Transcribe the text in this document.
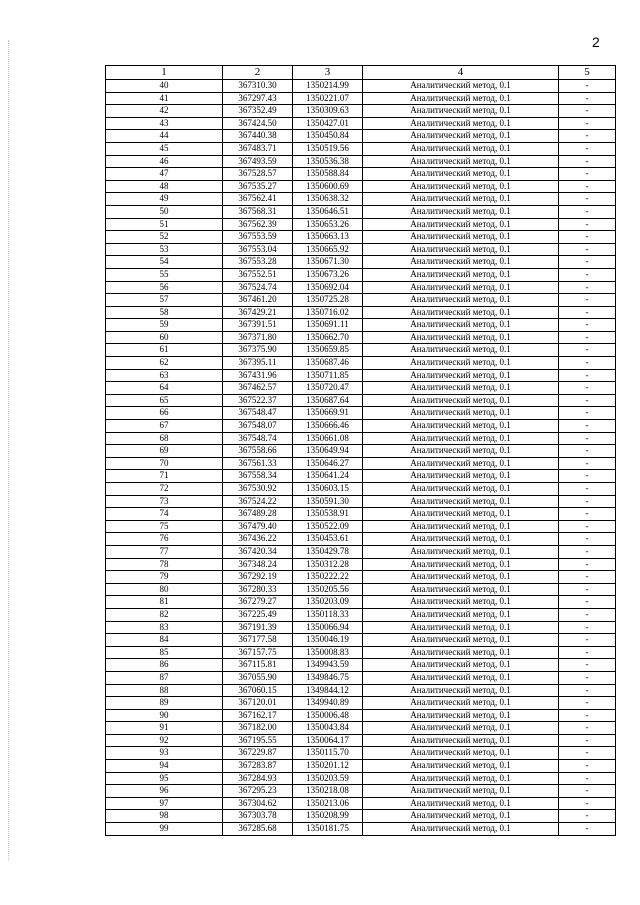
2
1	2	3	4	5
40	367310.30	1350214.99	Аналитический метод, 0.1	-
41	367297.43	1350221.07	Аналитический метод, 0.1	-
42	367352.49	1350309.63	Аналитический метод, 0.1	-
43	367424.50	1350427.01	Аналитический метод, 0.1	-
44	367440.38	1350450.84	Аналитический метод, 0.1	-
45	367483.71	1350519.56	Аналитический метод, 0.1	-
46	367493.59	1350536.38	Аналитический метод, 0.1	-
47	367528.57	1350588.84	Аналитический метод, 0.1	-
48	367535.27	1350600.69	Аналитический метод, 0.1	-
49	367562.41	1350638.32	Аналитический метод, 0.1	-
50	367568.31	1350646.51	Аналитический метод, 0.1	-
51	367562.39	1350653.26	Аналитический метод, 0.1	-
52	367553.59	1350663.13	Аналитический метод, 0.1	-
53	367553.04	1350665.92	Аналитический метод, 0.1	-
54	367553.28	1350671.30	Аналитический метод, 0.1	-
55	367552.51	1350673.26	Аналитический метод, 0.1	-
56	367524.74	1350692.04	Аналитический метод, 0.1	-
57	367461.20	1350725.28	Аналитический метод, 0.1	-
58	367429.21	1350716.02	Аналитический метод, 0.1	-
59	367391.51	1350691.11	Аналитический метод, 0.1	-
60	367371.80	1350662.70	Аналитический метод, 0.1	-
61	367375.90	1350659.85	Аналитический метод, 0.1	-
62	367395.11	1350687.46	Аналитический метод, 0.1	-
63	367431.96	1350711.85	Аналитический метод, 0.1	-
64	367462.57	1350720.47	Аналитический метод, 0.1	-
65	367522.37	1350687.64	Аналитический метод, 0.1	-
66	367548.47	1350669.91	Аналитический метод, 0.1	-
67	367548.07	1350666.46	Аналитический метод, 0.1	-
68	367548.74	1350661.08	Аналитический метод, 0.1	-
69	367558.66	1350649.94	Аналитический метод, 0.1	-
70	367561.33	1350646.27	Аналитический метод, 0.1	-
71	367558.34	1350641.24	Аналитический метод, 0.1	-
72	367530.92	1350603.15	Аналитический метод, 0.1	-
73	367524.22	1350591.30	Аналитический метод, 0.1	-
74	367489.28	1350538.91	Аналитический метод, 0.1	-
75	367479.40	1350522.09	Аналитический метод, 0.1	-
76	367436.22	1350453.61	Аналитический метод, 0.1	-
77	367420.34	1350429.78	Аналитический метод, 0.1	-
78	367348.24	1350312.28	Аналитический метод, 0.1	-
79	367292.19	1350222.22	Аналитический метод, 0.1	-
80	367280.33	1350205.56	Аналитический метод, 0.1	-
81	367279.27	1350203.09	Аналитический метод, 0.1	-
82	367225.49	1350118.33	Аналитический метод, 0.1	-
83	367191.39	1350066.94	Аналитический метод, 0.1	-
84	367177.58	1350046.19	Аналитический метод, 0.1	-
85	367157.75	1350008.83	Аналитический метод, 0.1	-
86	367115.81	1349943.59	Аналитический метод, 0.1	-
87	367055.90	1349846.75	Аналитический метод, 0.1	-
88	367060.15	1349844.12	Аналитический метод, 0.1	-
89	367120.01	1349940.89	Аналитический метод, 0.1	-
90	367162.17	1350006.48	Аналитический метод, 0.1	-
91	367182.00	1350043.84	Аналитический метод, 0.1	-
92	367195.55	1350064.17	Аналитический метод, 0.1	-
93	367229.87	1350115.70	Аналитический метод, 0.1	-
94	367283.87	1350201.12	Аналитический метод, 0.1	-
95	367284.93	1350203.59	Аналитический метод, 0.1	-
96	367295.23	1350218.08	Аналитический метод, 0.1	-
97	367304.62	1350213.06	Аналитический метод, 0.1	-
98	367303.78	1350208.99	Аналитический метод, 0.1	-
99	367285.68	1350181.75	Аналитический метод, 0.1	-
